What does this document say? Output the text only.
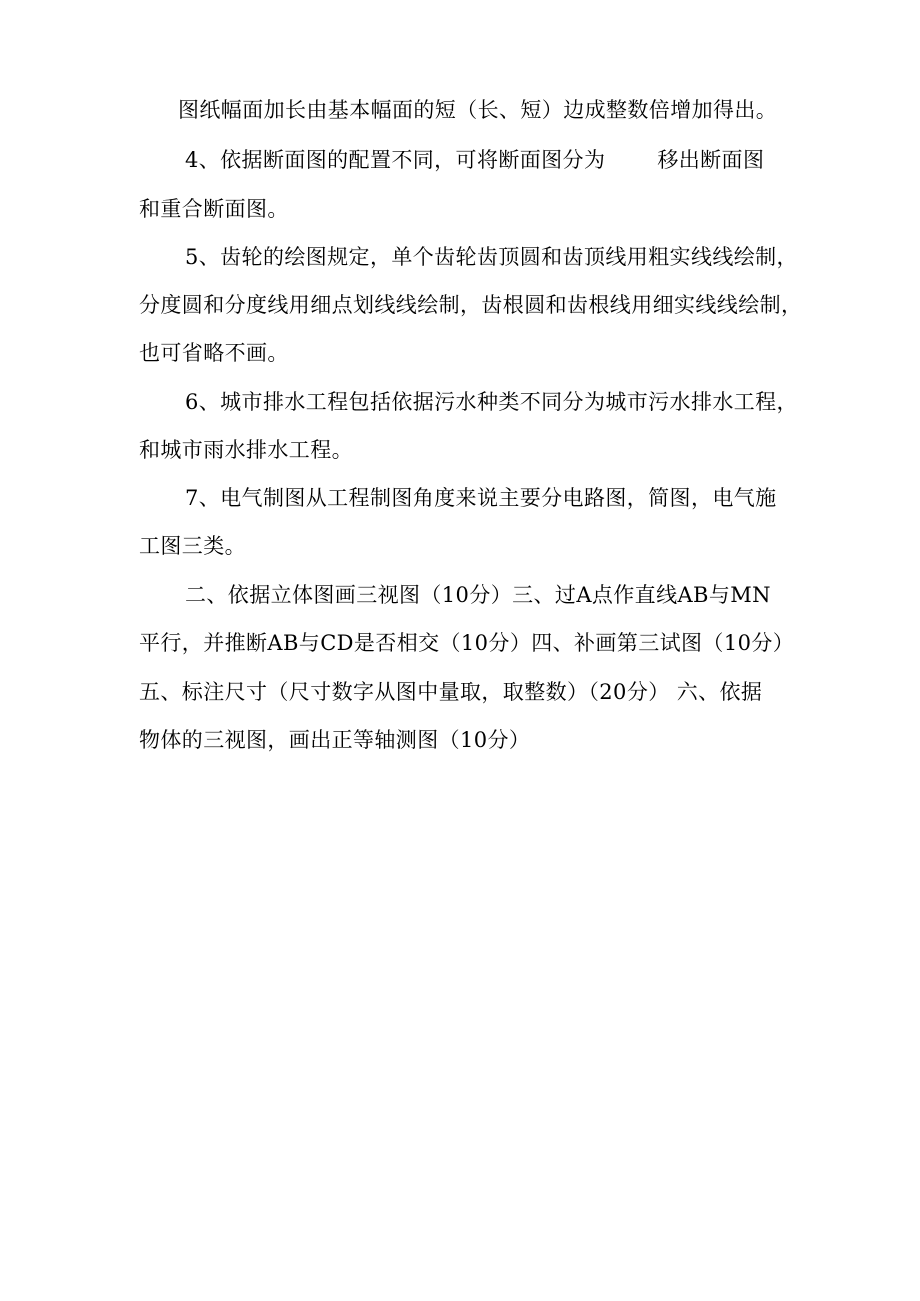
图纸幅面加长由基本幅面的短（长、短）边成整数倍增加得出。
4、依据断面图的配置不同，可将断面图分为 移出断面图
和重合断面图。
5、齿轮的绘图规定，单个齿轮齿顶圆和齿顶线用粗实线线绘制，
分度圆和分度线用细点划线线绘制，齿根圆和齿根线用细实线线绘制，
也可省略不画。
6、城市排水工程包括依据污水种类不同分为城市污水排水工程，
和城市雨水排水工程。
7、电气制图从工程制图角度来说主要分电路图，简图，电气施
工图三类。
二、依据立体图画三视图（10分）三、过A点作直线AB与MN
平行，并推断AB与CD是否相交（10分）四、补画第三试图（10分）
五、标注尺寸（尺寸数字从图中量取，取整数）（20分） 六、依据
物体的三视图，画出正等轴测图（10分）
